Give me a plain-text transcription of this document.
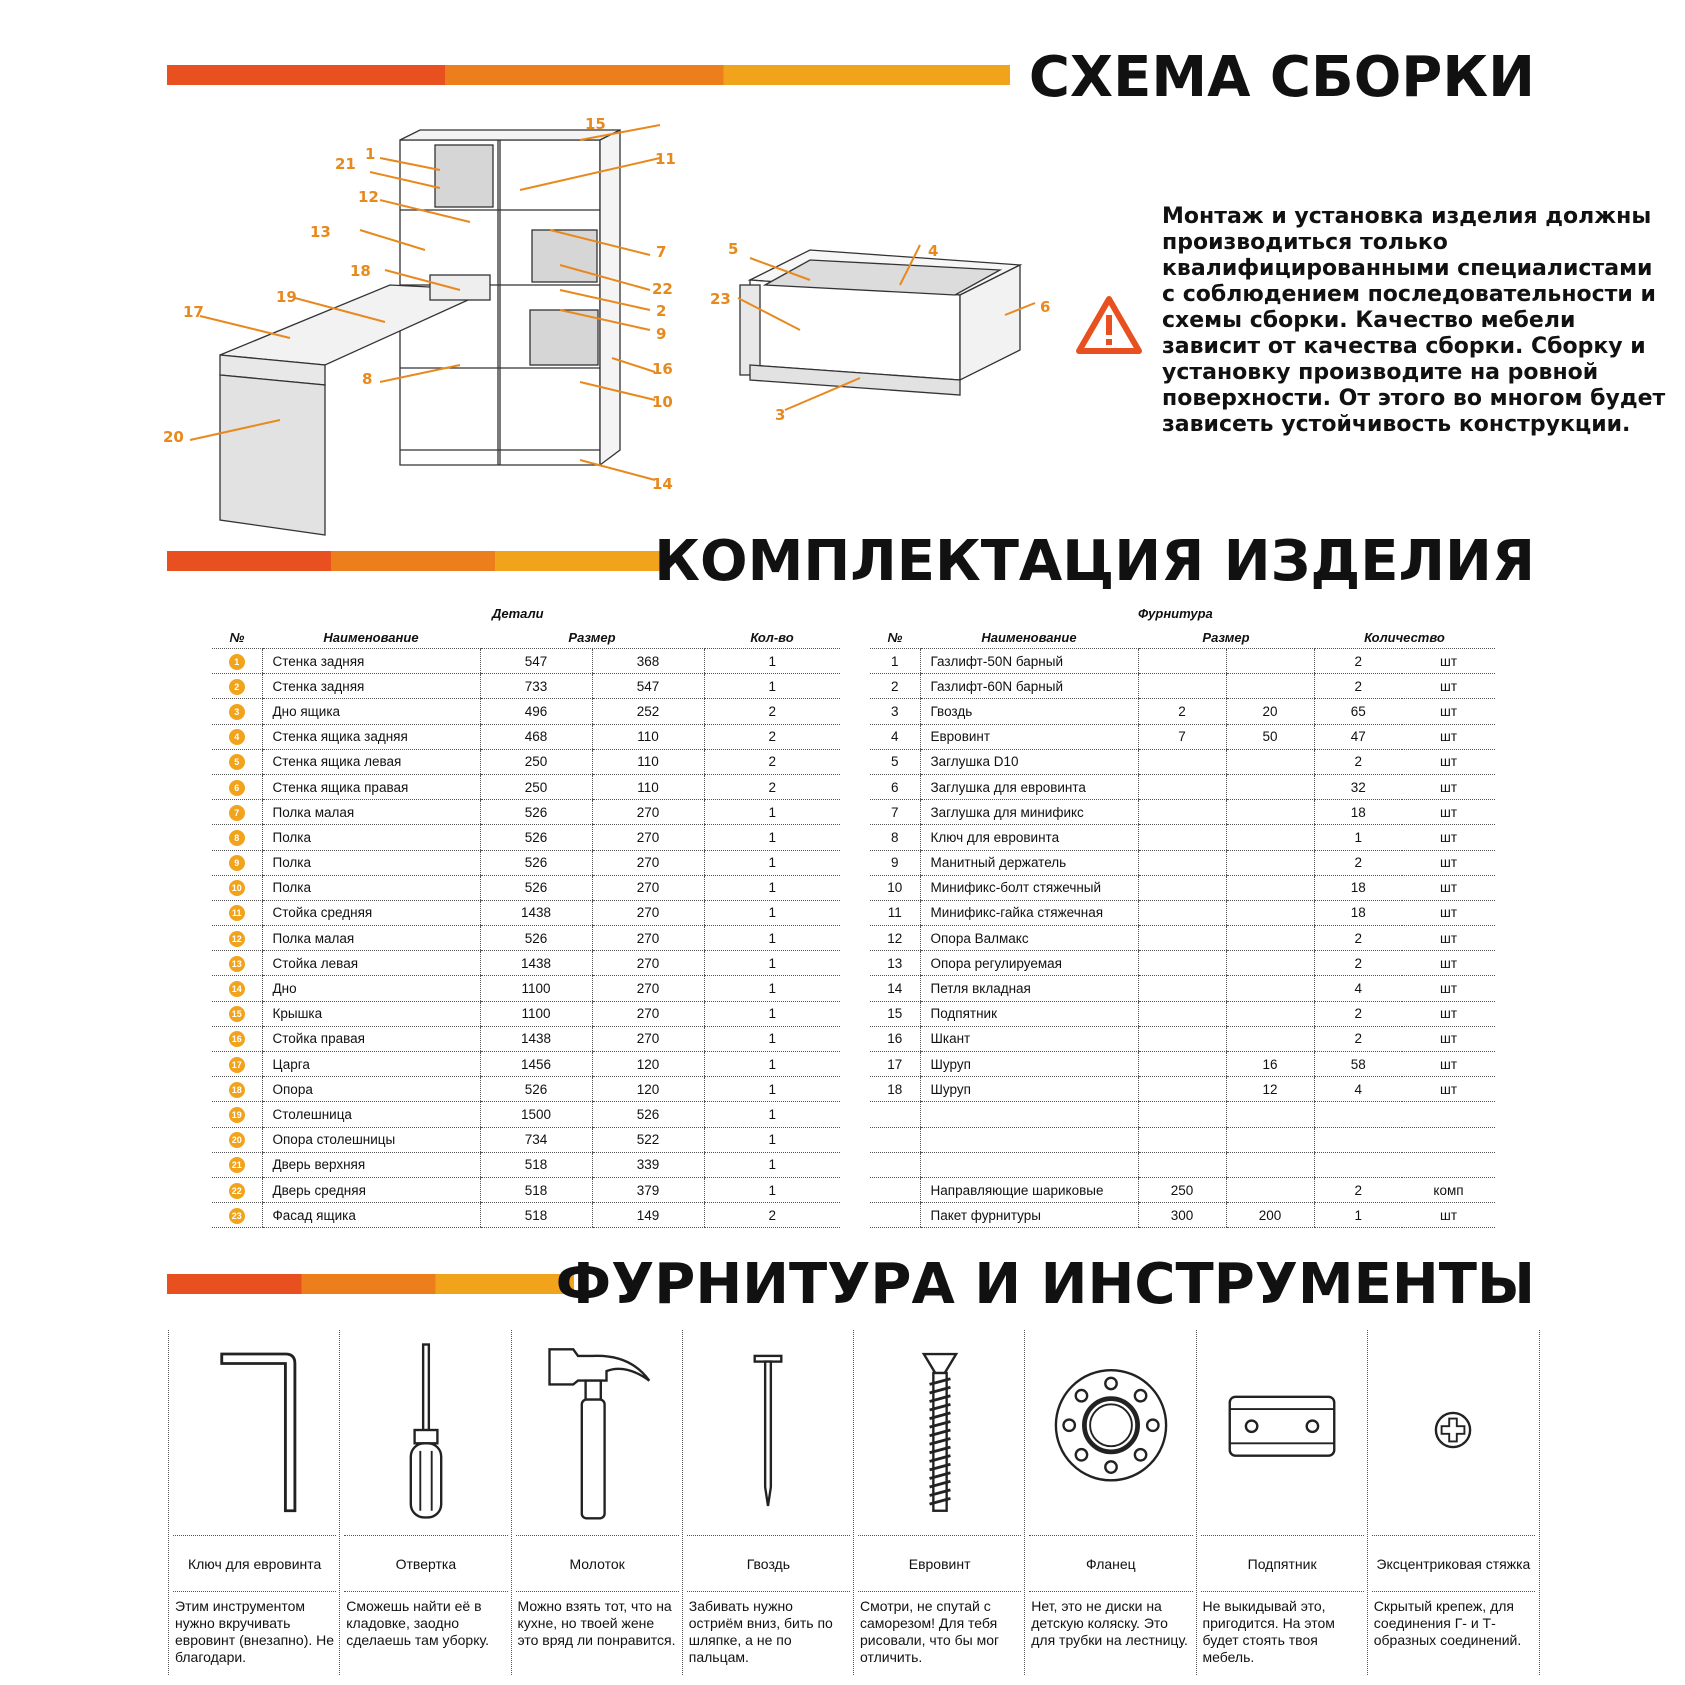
СХЕМА СБОРКИ
15
1
21	11
12
13
7
18
22
19
17	2
9
16
8
10
20
14
5	4
23	6
3
Монтаж и установка изделия должны производиться только квалифицированными специалистами с соблюдением последовательности и схемы сборки. Качество мебели зависит от качества сборки. Сборку и установку производите на ровной поверхности. От этого во многом будет зависеть устойчивость конструкции.
КОМПЛЕКТАЦИЯ ИЗДЕЛИЯ
Детали
№	Наименование	Размер		Кол-во
1	Стенка задняя	547	368	1
2	Стенка задняя	733	547	1
3	Дно ящика	496	252	2
4	Стенка ящика задняя	468	110	2
5	Стенка ящика левая	250	110	2
6	Стенка ящика правая	250	110	2
7	Полка малая	526	270	1
8	Полка	526	270	1
9	Полка	526	270	1
10	Полка	526	270	1
11	Стойка средняя	1438	270	1
12	Полка малая	526	270	1
13	Стойка левая	1438	270	1
14	Дно	1100	270	1
15	Крышка	1100	270	1
16	Стойка правая	1438	270	1
17	Царга	1456	120	1
18	Опора	526	120	1
19	Столешница	1500	526	1
20	Опора столешницы	734	522	1
21	Дверь верхняя	518	339	1
22	Дверь средняя	518	379	1
23	Фасад ящика	518	149	2
Фурнитура
№	Наименование	Размер		Количество	
1	Газлифт-50N барный			2	шт
2	Газлифт-60N барный			2	шт
3	Гвоздь	2	20	65	шт
4	Евровинт	7	50	47	шт
5	Заглушка D10			2	шт
6	Заглушка для евровинта			32	шт
7	Заглушка для минификс			18	шт
8	Ключ для евровинта			1	шт
9	Манитный держатель			2	шт
10	Минификс-болт стяжечный			18	шт
11	Минификс-гайка стяжечная			18	шт
12	Опора Валмакс			2	шт
13	Опора регулируемая			2	шт
14	Петля вкладная			4	шт
15	Подпятник			2	шт
16	Шкант			2	шт
17	Шуруп		16	58	шт
18	Шуруп		12	4	шт

	Направляющие шариковые	250		2	комп
	Пакет фурнитуры	300	200	1	шт
ФУРНИТУРА И ИНСТРУМЕНТЫ
Ключ для евровинта
Этим инструментом нужно вкручивать евровинт (внезапно). Не благодари.
Отвертка
Сможешь найти её в кладовке, заодно сделаешь там уборку.
Молоток
Можно взять тот, что на кухне, но твоей жене это вряд ли понравится.
Гвоздь
Забивать нужно остриём вниз, бить по шляпке, а не по пальцам.
Евровинт
Смотри, не спутай с саморезом! Для тебя рисовали, что бы мог отличить.
Фланец
Нет, это не диски на детскую коляску. Это для трубки на лестницу.
Подпятник
Не выкидывай это, пригодится. На этом будет стоять твоя мебель.
Эксцентриковая стяжка
Скрытый крепеж, для соединения Г- и Т-образных соединений.
